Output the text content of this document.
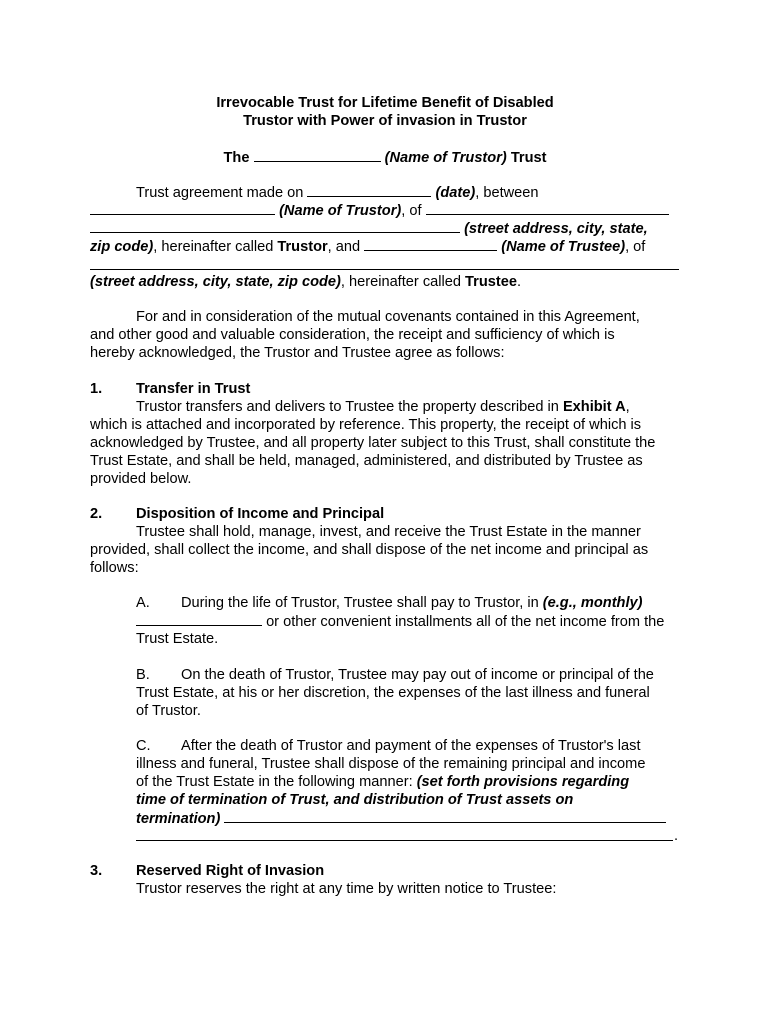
Irrevocable Trust for Lifetime Benefit of Disabled
Trustor with Power of invasion in Trustor
The	(Name of Trustor) Trust
Trust agreement made on	(date), between
(Name of Trustor), of
(street address, city, state,
zip code), hereinafter called Trustor, and	(Name of Trustee), of
(street address, city, state, zip code), hereinafter called Trustee.
For and in consideration of the mutual covenants contained in this Agreement,
and other good and valuable consideration, the receipt and sufficiency of which is
hereby acknowledged, the Trustor and Trustee agree as follows:
1. Transfer in Trust
Trustor transfers and delivers to Trustee the property described in Exhibit A,
which is attached and incorporated by reference. This property, the receipt of which is
acknowledged by Trustee, and all property later subject to this Trust, shall constitute the
Trust Estate, and shall be held, managed, administered, and distributed by Trustee as
provided below.
2. Disposition of Income and Principal
Trustee shall hold, manage, invest, and receive the Trust Estate in the manner
provided, shall collect the income, and shall dispose of the net income and principal as
follows:
A.	During the life of Trustor, Trustee shall pay to Trustor, in (e.g., monthly)
or other convenient installments all of the net income from the
Trust Estate.
B.	On the death of Trustor, Trustee may pay out of income or principal of the
Trust Estate, at his or her discretion, the expenses of the last illness and funeral
of Trustor.
C.	After the death of Trustor and payment of the expenses of Trustor's last
illness and funeral, Trustee shall dispose of the remaining principal and income
of the Trust Estate in the following manner: (set forth provisions regarding
time of termination of Trust, and distribution of Trust assets on
termination)
.
3. Reserved Right of Invasion
Trustor reserves the right at any time by written notice to Trustee:
